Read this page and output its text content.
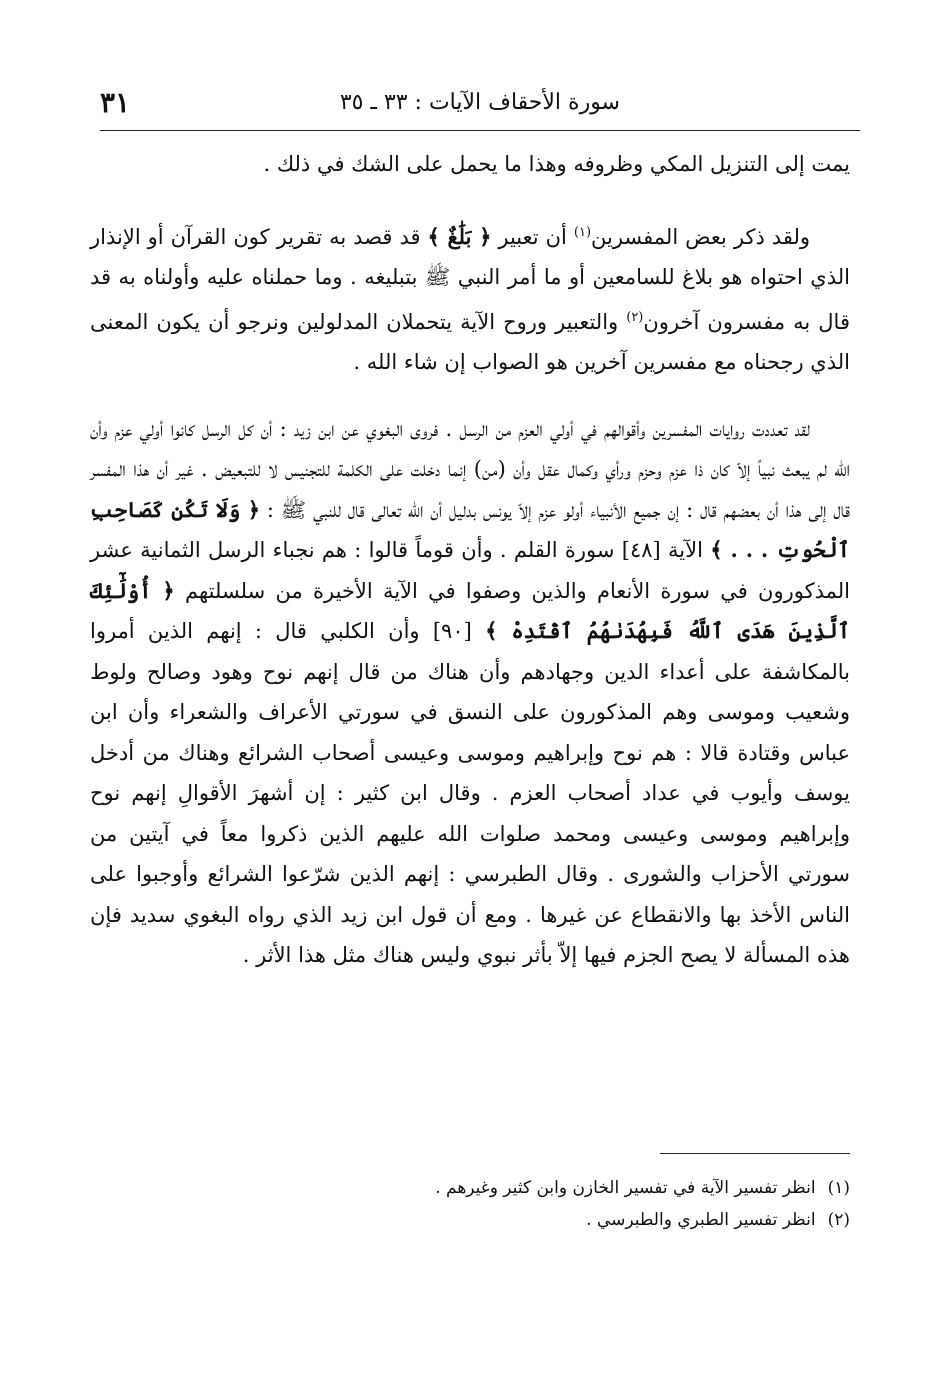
سورة الأحقاف الآيات : ٣٣ ـ ٣٥
٣١

يمت إلى التنزيل المكي وظروفه وهذا ما يحمل على الشك في ذلك .

ولقد ذكر بعض المفسرين$^{(١)}$ أن تعبير ﴿ بَلَٰغٌ ﴾ قد قصد به تقرير كون القرآن أو الإنذار الذي احتواه هو بلاغ للسامعين أو ما أمر النبي ﷺ بتبليغه . وما حملناه عليه وأولناه به قد قال به مفسرون آخرون$^{(٢)}$ والتعبير وروح الآية يتحملان المدلولين ونرجو أن يكون المعنى الذي رجحناه مع مفسرين آخرين هو الصواب إن شاء الله .

لقد تعددت روايات المفسرين وأقوالهم في أولي العزم من الرسل . فروى البغوي عن ابن زيد : أن كل الرسل كانوا أولي عزم وأن الله لم يبعث نبياً إلاّ كان ذا عزم وحزم ورأي وكمال عقل وأن (من) إنما دخلت على الكلمة للتجنيس لا للتبعيض . غير أن هذا المفسر قال إلى هذا أن بعضهم قال : إن جميع الأنبياء أولو عزم إلاّ يونس بدليل أن الله تعالى قال للنبي ﷺ : ﴿ وَلَا تَكُن كَصَاحِبِ ٱلْحُوتِ . . . ﴾ الآية [٤٨] سورة القلم . وأن قوماً قالوا : هم نجباء الرسل الثمانية عشر المذكورون في سورة الأنعام والذين وصفوا في الآية الأخيرة من سلسلتهم ﴿ أُوْلَٰٓئِكَ ٱلَّذِينَ هَدَى ٱللَّهُ فَبِهُدَىٰهُمُ ٱقْتَدِهْ ﴾ [٩٠] وأن الكلبي قال : إنهم الذين أمروا بالمكاشفة على أعداء الدين وجهادهم وأن هناك من قال إنهم نوح وهود وصالح ولوط وشعيب وموسى وهم المذكورون على النسق في سورتي الأعراف والشعراء وأن ابن عباس وقتادة قالا : هم نوح وإبراهيم وموسى وعيسى أصحاب الشرائع وهناك من أدخل يوسف وأيوب في عداد أصحاب العزم . وقال ابن كثير : إن أشهرَ الأقوالِ إنهم نوح وإبراهيم وموسى وعيسى ومحمد صلوات الله عليهم الذين ذكروا معاً في آيتين من سورتي الأحزاب والشورى . وقال الطبرسي : إنهم الذين شرّعوا الشرائع وأوجبوا على الناس الأخذ بها والانقطاع عن غيرها . ومع أن قول ابن زيد الذي رواه البغوي سديد فإن هذه المسألة لا يصح الجزم فيها إلاّ بأثر نبوي وليس هناك مثل هذا الأثر .

(١)انظر تفسير الآية في تفسير الخازن وابن كثير وغيرهم .
(٢)انظر تفسير الطبري والطبرسي .
